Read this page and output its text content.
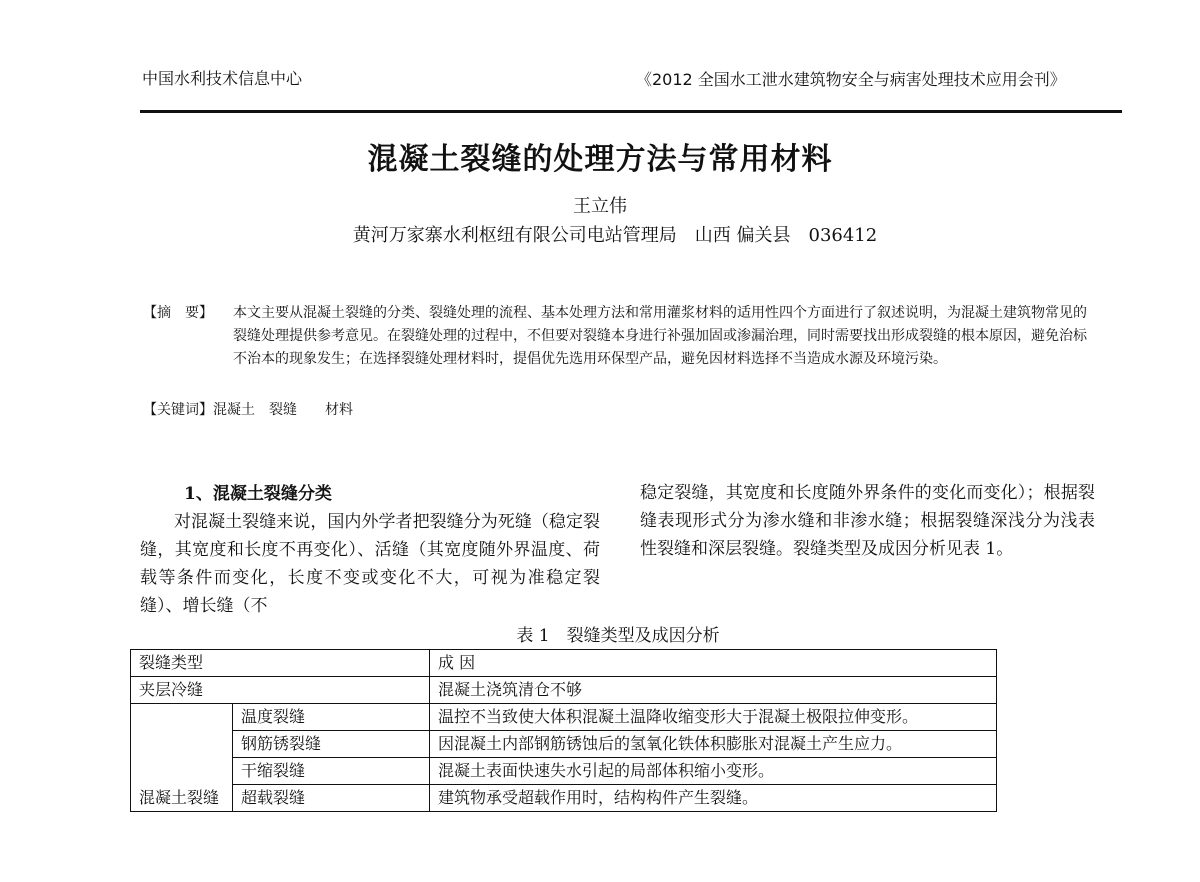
中国水利技术信息中心	《2012 全国水工泄水建筑物安全与病害处理技术应用会刊》
混凝土裂缝的处理方法与常用材料
王立伟
黄河万家寨水利枢纽有限公司电站管理局　山西 偏关县　036412
【摘　要】 本文主要从混凝土裂缝的分类、裂缝处理的流程、基本处理方法和常用灌浆材料的适用性四个方面进行了叙述说明，为混凝土建筑物常见的裂缝处理提供参考意见。在裂缝处理的过程中，不但要对裂缝本身进行补强加固或渗漏治理，同时需要找出形成裂缝的根本原因，避免治标不治本的现象发生；在选择裂缝处理材料时，提倡优先选用环保型产品，避免因材料选择不当造成水源及环境污染。
【关键词】混凝土　裂缝　　材料
1、混凝土裂缝分类
对混凝土裂缝来说，国内外学者把裂缝分为死缝（稳定裂缝，其宽度和长度不再变化）、活缝（其宽度随外界温度、荷载等条件而变化，长度不变或变化不大，可视为准稳定裂缝）、增长缝（不
稳定裂缝，其宽度和长度随外界条件的变化而变化）；根据裂缝表现形式分为渗水缝和非渗水缝；根据裂缝深浅分为浅表性裂缝和深层裂缝。裂缝类型及成因分析见表 1。
表 1　裂缝类型及成因分析
裂缝类型		成 因
夹层冷缝		混凝土浇筑清仓不够
混凝土裂缝	温度裂缝	温控不当致使大体积混凝土温降收缩变形大于混凝土极限拉伸变形。
	钢筋锈裂缝	因混凝土内部钢筋锈蚀后的氢氧化铁体积膨胀对混凝土产生应力。
	干缩裂缝	混凝土表面快速失水引起的局部体积缩小变形。
	超载裂缝	建筑物承受超载作用时，结构构件产生裂缝。
